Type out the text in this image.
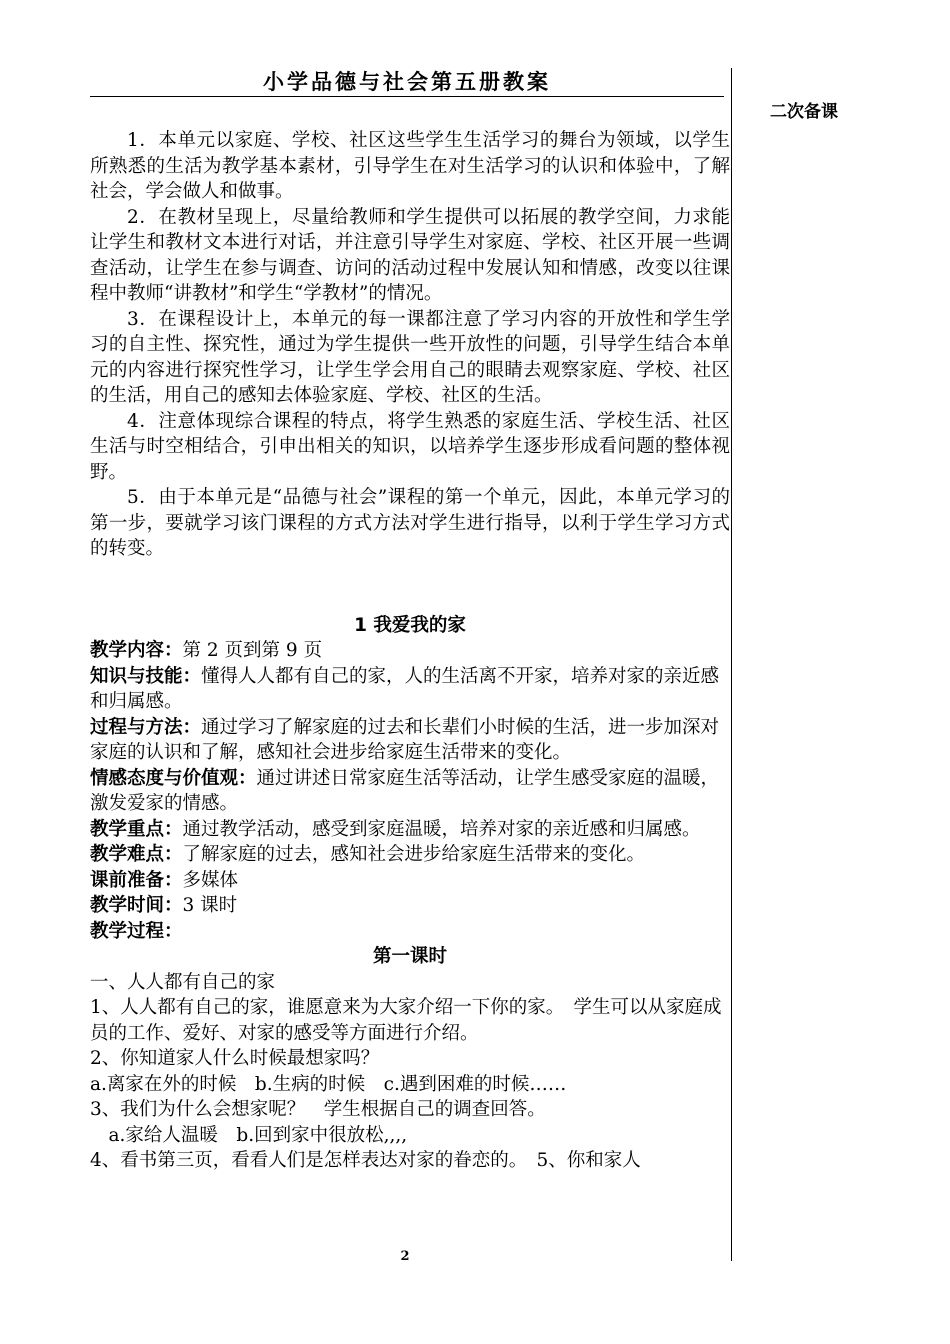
小学品德与社会第五册教案
二次备课

1．本单元以家庭、学校、社区这些学生生活学习的舞台为领域，以学生所熟悉的生活为教学基本素材，引导学生在对生活学习的认识和体验中，了解社会，学会做人和做事。

2．在教材呈现上，尽量给教师和学生提供可以拓展的教学空间，力求能让学生和教材文本进行对话，并注意引导学生对家庭、学校、社区开展一些调查活动，让学生在参与调查、访问的活动过程中发展认知和情感，改变以往课程中教师“讲教材”和学生“学教材”的情况。

3．在课程设计上，本单元的每一课都注意了学习内容的开放性和学生学习的自主性、探究性，通过为学生提供一些开放性的问题，引导学生结合本单元的内容进行探究性学习，让学生学会用自己的眼睛去观察家庭、学校、社区的生活，用自己的感知去体验家庭、学校、社区的生活。

4．注意体现综合课程的特点，将学生熟悉的家庭生活、学校生活、社区生活与时空相结合，引申出相关的知识，以培养学生逐步形成看问题的整体视野。

5．由于本单元是“品德与社会”课程的第一个单元，因此，本单元学习的第一步，要就学习该门课程的方式方法对学生进行指导，以利于学生学习方式的转变。

1 我爱我的家

教学内容：第 2 页到第 9 页

知识与技能：懂得人人都有自己的家，人的生活离不开家，培养对家的亲近感和归属感。

过程与方法：通过学习了解家庭的过去和长辈们小时候的生活，进一步加深对家庭的认识和了解，感知社会进步给家庭生活带来的变化。

情感态度与价值观：通过讲述日常家庭生活等活动，让学生感受家庭的温暖，激发爱家的情感。

教学重点：通过教学活动，感受到家庭温暖，培养对家的亲近感和归属感。

教学难点：了解家庭的过去，感知社会进步给家庭生活带来的变化。

课前准备：多媒体

教学时间：3 课时

教学过程：

第一课时

一、人人都有自己的家

1、人人都有自己的家，谁愿意来为大家介绍一下你的家。　学生可以从家庭成员的工作、爱好、对家的感受等方面进行介绍。

2、你知道家人什么时候最想家吗？

a.离家在外的时候　b.生病的时候　c.遇到困难的时候……

3、我们为什么会想家呢？　学生根据自己的调查回答。

　a.家给人温暖　b.回到家中很放松,,,,

4、看书第三页，看看人们是怎样表达对家的眷恋的。　5、你和家人

2
